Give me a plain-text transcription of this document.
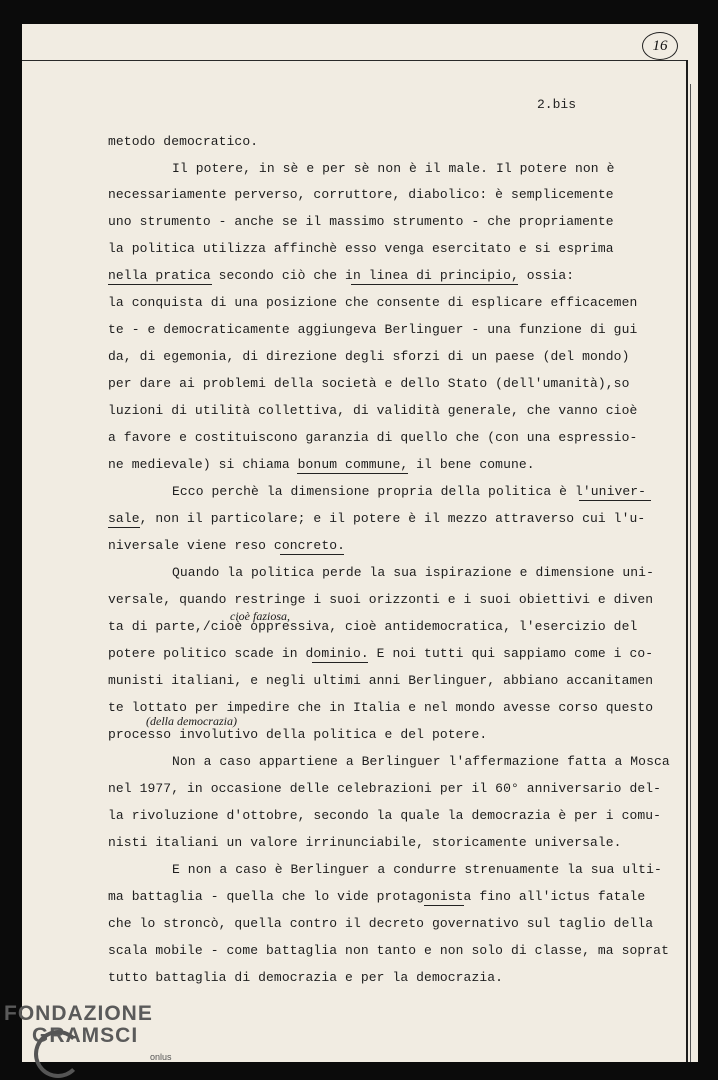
16
2.bis

metodo democratico.

Il potere, in sè e per sè non è il male. Il potere non è

necessariamente perverso, corruttore, diabolico: è semplicemente

uno strumento - anche se il massimo strumento - che propriamente

la politica utilizza affinchè esso venga esercitato e si esprima

nella pratica secondo ciò che in linea di principio, ossia:

la conquista di una posizione che consente di esplicare efficacemen

te - e democraticamente aggiungeva Berlinguer - una funzione di gui

da, di egemonia, di direzione degli sforzi di un paese (del mondo)

per dare ai problemi della società e dello Stato (dell'umanità),so

luzioni di utilità collettiva, di validità generale, che vanno cioè

a favore e costituiscono garanzia di quello che (con una espressio-

ne medievale) si chiama bonum commune, il bene comune.

Ecco perchè la dimensione propria della politica è l'univer-

sale, non il particolare; e il potere è il mezzo attraverso cui l'u-

niversale viene reso concreto.

Quando la politica perde la sua ispirazione e dimensione uni-

versale, quando restringe i suoi orizzonti e i suoi obiettivi e diven

ta di parte,/cioè oppressiva, cioè antidemocratica, l'esercizio del

potere politico scade in dominio. E noi tutti qui sappiamo come i co-

munisti italiani, e negli ultimi anni Berlinguer, abbiano accanitamen

te lottato per impedire che in Italia e nel mondo avesse corso questo

processo involutivo della politica e del potere.

Non a caso appartiene a Berlinguer l'affermazione fatta a Mosca

nel 1977, in occasione delle celebrazioni per il 60° anniversario del-

la rivoluzione d'ottobre, secondo la quale la democrazia è per i comu-

nisti italiani un valore irrinunciabile, storicamente universale.

E non a caso è Berlinguer a condurre strenuamente la sua ulti-

ma battaglia - quella che lo vide protagonista fino all'ictus fatale

che lo stroncò, quella contro il decreto governativo sul taglio della

scala mobile - come battaglia non tanto e non solo di classe, ma soprat

tutto battaglia di democrazia e per la democrazia.

cioè faziosa,
(della democrazia)
FONDAZIONE
GRAMSCI
onlus
